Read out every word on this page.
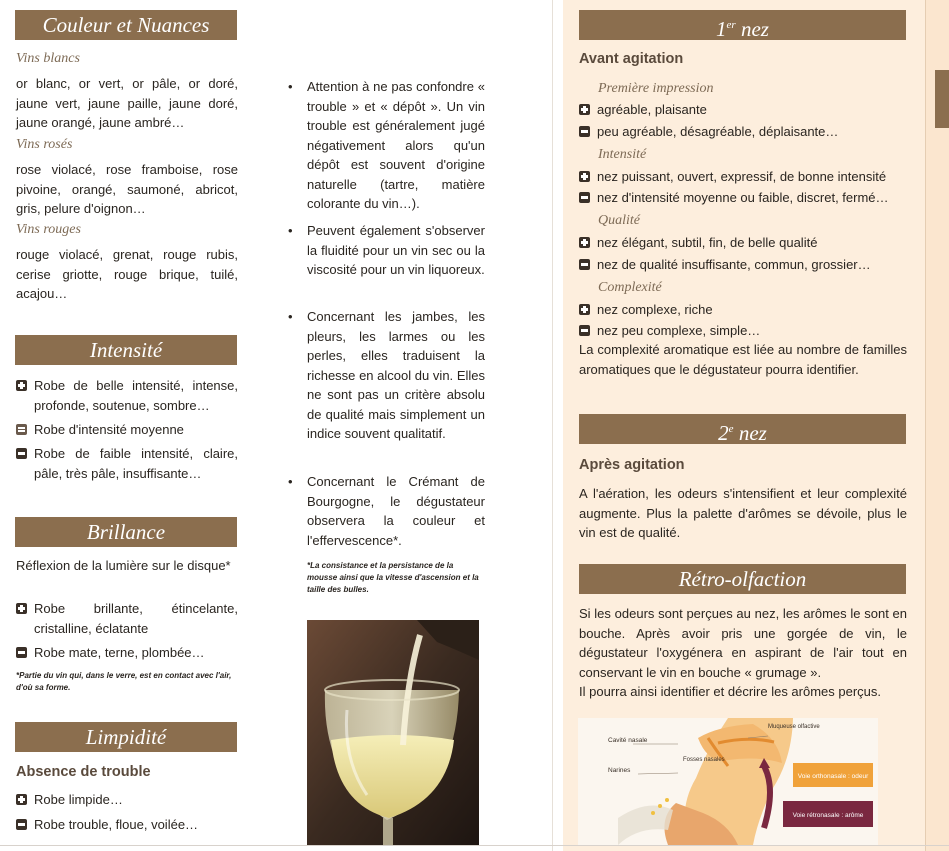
Couleur et Nuances
Vins blancs
or blanc, or vert, or pâle, or doré, jaune vert, jaune paille, jaune doré, jaune orangé, jaune ambré…
Vins rosés
rose violacé, rose framboise, rose pivoine, orangé, saumoné, abricot, gris, pelure d'oignon…
Vins rouges
rouge violacé, grenat, rouge rubis, cerise griotte, rouge brique, tuilé, acajou…
Intensité
Robe de belle intensité, intense, profonde, soutenue, sombre…
Robe d'intensité moyenne
Robe de faible intensité, claire, pâle, très pâle, insuffisante…
Brillance
Réflexion de la lumière sur le disque*
Robe brillante, étincelante, cristalline, éclatante
Robe mate, terne, plombée…
*Partie du vin qui, dans le verre, est en contact avec l'air, d'où sa forme.
Limpidité
Absence de trouble
Robe limpide…
Robe trouble, floue, voilée…
•	Attention à ne pas confondre « trouble » et « dépôt ». Un vin trouble est généralement jugé négativement alors qu'un dépôt est souvent d'origine naturelle (tartre, matière colorante du vin…).
•	Peuvent également s'observer la fluidité pour un vin sec ou la viscosité pour un vin liquoreux.
•	Concernant les jambes, les pleurs, les larmes ou les perles, elles traduisent la richesse en alcool du vin. Elles ne sont pas un critère absolu de qualité mais simplement un indice souvent qualitatif.
•	Concernant le Crémant de Bourgogne, le dégustateur observera la couleur et l'effervescence*.
*La consistance et la persistance de la mousse ainsi que la vitesse d'ascension et la taille des bulles.
1er nez
Avant agitation
Première impression
agréable, plaisante
peu agréable, désagréable, déplaisante…
Intensité
nez puissant, ouvert, expressif, de bonne intensité
nez d'intensité moyenne ou faible, discret, fermé…
Qualité
nez élégant, subtil, fin, de belle qualité
nez de qualité insuffisante, commun, grossier…
Complexité
nez complexe, riche
nez peu complexe, simple…
La complexité aromatique est liée au nombre de familles aromatiques que le dégustateur pourra identifier.
2e nez
Après agitation
A l'aération, les odeurs s'intensifient et leur complexité augmente. Plus la palette d'arômes se dévoile, plus le vin est de qualité.
Rétro-olfaction
Si les odeurs sont perçues au nez, les arômes le sont en bouche. Après avoir pris une gorgée de vin, le dégustateur l'oxygénera en aspirant de l'air tout en conservant le vin en bouche « grumage ».
Il pourra ainsi identifier et décrire les arômes perçus.
Cavité nasale
Narines
Fosses nasales
Muqueuse olfactive
Voie orthonasale : odeur
Voie rétronasale : arôme
